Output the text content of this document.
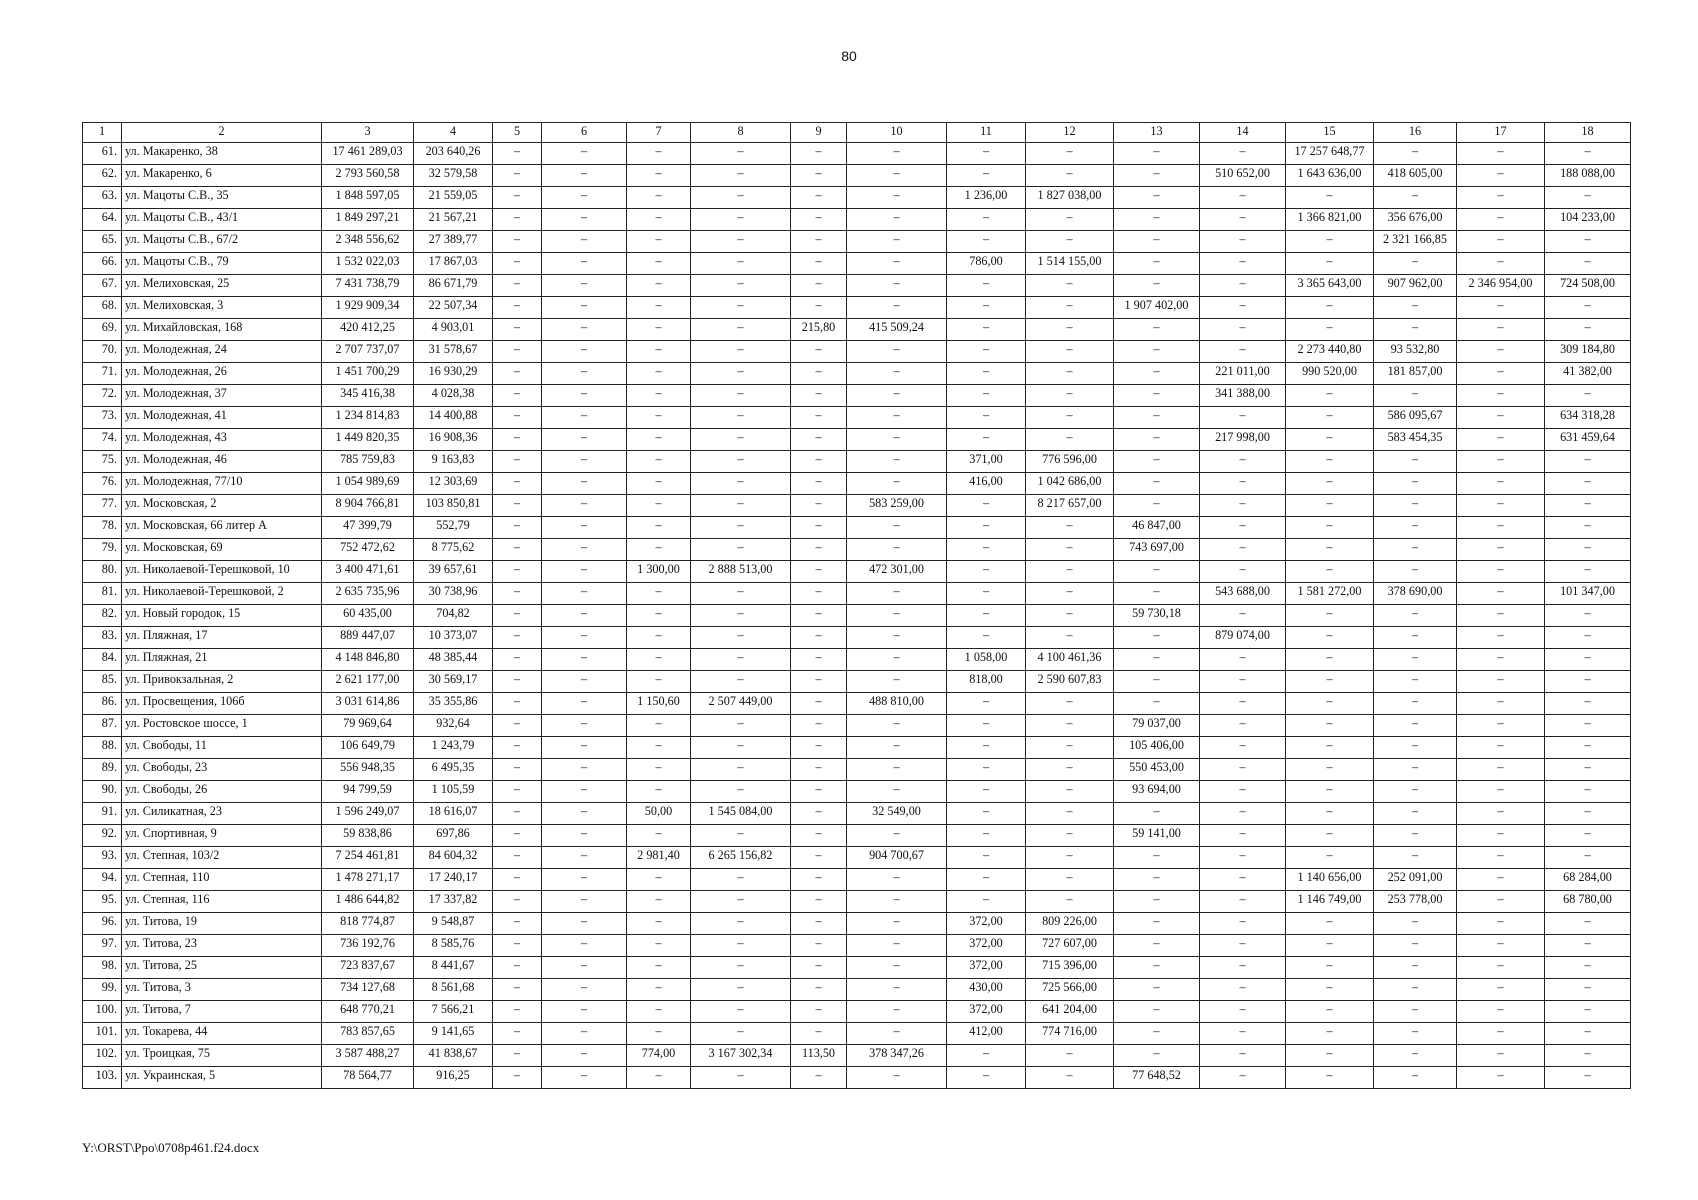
80
1	2	3	4	5	6	7	8	9	10	11	12	13	14	15	16	17	18
61.	ул. Макаренко, 38	17 461 289,03	203 640,26	–	–	–	–	–	–	–	–	–	–	17 257 648,77	–	–	–
62.	ул. Макаренко, 6	2 793 560,58	32 579,58	–	–	–	–	–	–	–	–	–	510 652,00	1 643 636,00	418 605,00	–	188 088,00
63.	ул. Мацоты С.В., 35	1 848 597,05	21 559,05	–	–	–	–	–	–	1 236,00	1 827 038,00	–	–	–	–	–	–
64.	ул. Мацоты С.В., 43/1	1 849 297,21	21 567,21	–	–	–	–	–	–	–	–	–	–	1 366 821,00	356 676,00	–	104 233,00
65.	ул. Мацоты С.В., 67/2	2 348 556,62	27 389,77	–	–	–	–	–	–	–	–	–	–	–	2 321 166,85	–	–
66.	ул. Мацоты С.В., 79	1 532 022,03	17 867,03	–	–	–	–	–	–	786,00	1 514 155,00	–	–	–	–	–	–
67.	ул. Мелиховская, 25	7 431 738,79	86 671,79	–	–	–	–	–	–	–	–	–	–	3 365 643,00	907 962,00	2 346 954,00	724 508,00
68.	ул. Мелиховская, 3	1 929 909,34	22 507,34	–	–	–	–	–	–	–	–	1 907 402,00	–	–	–	–	–
69.	ул. Михайловская, 168	420 412,25	4 903,01	–	–	–	–	215,80	415 509,24	–	–	–	–	–	–	–	–
70.	ул. Молодежная, 24	2 707 737,07	31 578,67	–	–	–	–	–	–	–	–	–	–	2 273 440,80	93 532,80	–	309 184,80
71.	ул. Молодежная, 26	1 451 700,29	16 930,29	–	–	–	–	–	–	–	–	–	221 011,00	990 520,00	181 857,00	–	41 382,00
72.	ул. Молодежная, 37	345 416,38	4 028,38	–	–	–	–	–	–	–	–	–	341 388,00	–	–	–	–
73.	ул. Молодежная, 41	1 234 814,83	14 400,88	–	–	–	–	–	–	–	–	–	–	–	586 095,67	–	634 318,28
74.	ул. Молодежная, 43	1 449 820,35	16 908,36	–	–	–	–	–	–	–	–	–	217 998,00	–	583 454,35	–	631 459,64
75.	ул. Молодежная, 46	785 759,83	9 163,83	–	–	–	–	–	–	371,00	776 596,00	–	–	–	–	–	–
76.	ул. Молодежная, 77/10	1 054 989,69	12 303,69	–	–	–	–	–	–	416,00	1 042 686,00	–	–	–	–	–	–
77.	ул. Московская, 2	8 904 766,81	103 850,81	–	–	–	–	–	583 259,00	–	8 217 657,00	–	–	–	–	–	–
78.	ул. Московская, 66 литер А	47 399,79	552,79	–	–	–	–	–	–	–	–	46 847,00	–	–	–	–	–
79.	ул. Московская, 69	752 472,62	8 775,62	–	–	–	–	–	–	–	–	743 697,00	–	–	–	–	–
80.	ул. Николаевой-Терешковой, 10	3 400 471,61	39 657,61	–	–	1 300,00	2 888 513,00	–	472 301,00	–	–	–	–	–	–	–	–
81.	ул. Николаевой-Терешковой, 2	2 635 735,96	30 738,96	–	–	–	–	–	–	–	–	–	543 688,00	1 581 272,00	378 690,00	–	101 347,00
82.	ул. Новый городок, 15	60 435,00	704,82	–	–	–	–	–	–	–	–	59 730,18	–	–	–	–	–
83.	ул. Пляжная, 17	889 447,07	10 373,07	–	–	–	–	–	–	–	–	–	879 074,00	–	–	–	–
84.	ул. Пляжная, 21	4 148 846,80	48 385,44	–	–	–	–	–	–	1 058,00	4 100 461,36	–	–	–	–	–	–
85.	ул. Привокзальная, 2	2 621 177,00	30 569,17	–	–	–	–	–	–	818,00	2 590 607,83	–	–	–	–	–	–
86.	ул. Просвещения, 106б	3 031 614,86	35 355,86	–	–	1 150,60	2 507 449,00	–	488 810,00	–	–	–	–	–	–	–	–
87.	ул. Ростовское шоссе, 1	79 969,64	932,64	–	–	–	–	–	–	–	–	79 037,00	–	–	–	–	–
88.	ул. Свободы, 11	106 649,79	1 243,79	–	–	–	–	–	–	–	–	105 406,00	–	–	–	–	–
89.	ул. Свободы, 23	556 948,35	6 495,35	–	–	–	–	–	–	–	–	550 453,00	–	–	–	–	–
90.	ул. Свободы, 26	94 799,59	1 105,59	–	–	–	–	–	–	–	–	93 694,00	–	–	–	–	–
91.	ул. Силикатная, 23	1 596 249,07	18 616,07	–	–	50,00	1 545 084,00	–	32 549,00	–	–	–	–	–	–	–	–
92.	ул. Спортивная, 9	59 838,86	697,86	–	–	–	–	–	–	–	–	59 141,00	–	–	–	–	–
93.	ул. Степная, 103/2	7 254 461,81	84 604,32	–	–	2 981,40	6 265 156,82	–	904 700,67	–	–	–	–	–	–	–	–
94.	ул. Степная, 110	1 478 271,17	17 240,17	–	–	–	–	–	–	–	–	–	–	1 140 656,00	252 091,00	–	68 284,00
95.	ул. Степная, 116	1 486 644,82	17 337,82	–	–	–	–	–	–	–	–	–	–	1 146 749,00	253 778,00	–	68 780,00
96.	ул. Титова, 19	818 774,87	9 548,87	–	–	–	–	–	–	372,00	809 226,00	–	–	–	–	–	–
97.	ул. Титова, 23	736 192,76	8 585,76	–	–	–	–	–	–	372,00	727 607,00	–	–	–	–	–	–
98.	ул. Титова, 25	723 837,67	8 441,67	–	–	–	–	–	–	372,00	715 396,00	–	–	–	–	–	–
99.	ул. Титова, 3	734 127,68	8 561,68	–	–	–	–	–	–	430,00	725 566,00	–	–	–	–	–	–
100.	ул. Титова, 7	648 770,21	7 566,21	–	–	–	–	–	–	372,00	641 204,00	–	–	–	–	–	–
101.	ул. Токарева, 44	783 857,65	9 141,65	–	–	–	–	–	–	412,00	774 716,00	–	–	–	–	–	–
102.	ул. Троицкая, 75	3 587 488,27	41 838,67	–	–	774,00	3 167 302,34	113,50	378 347,26	–	–	–	–	–	–	–	–
103.	ул. Украинская, 5	78 564,77	916,25	–	–	–	–	–	–	–	–	77 648,52	–	–	–	–	–
Y:\ORST\Ppo\0708p461.f24.docx
